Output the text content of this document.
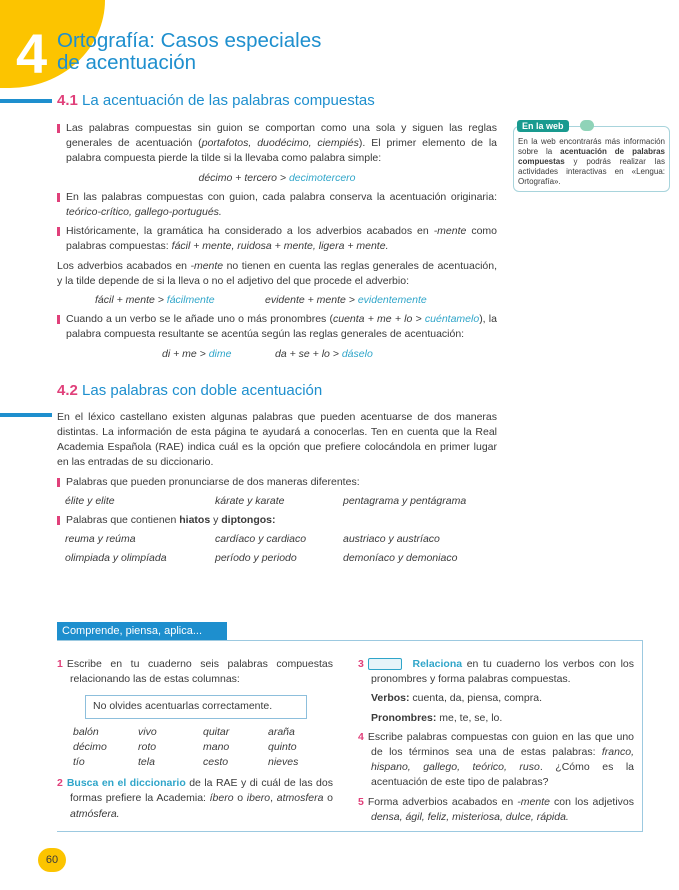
4 Ortografía: Casos especiales
de acentuación
4.1 La acentuación de las palabras compuestas
Las palabras compuestas sin guion se comportan como una sola y siguen las reglas generales de acentuación (portafotos, duodécimo, ciempiés). El primer elemento de la palabra compuesta pierde la tilde si la llevaba como palabra simple:
décimo + tercero > decimotercero
En las palabras compuestas con guion, cada palabra conserva la acentuación originaria: teórico-crítico, gallego-portugués.
Históricamente, la gramática ha considerado a los adverbios acabados en -mente como palabras compuestas: fácil + mente, ruidosa + mente, ligera + mente.
Los adverbios acabados en -mente no tienen en cuenta las reglas generales de acentuación, y la tilde depende de si la lleva o no el adjetivo del que procede el adverbio:
fácil + mente > fácilmente	evidente + mente > evidentemente
Cuando a un verbo se le añade uno o más pronombres (cuenta + me + lo > cuéntamelo), la palabra compuesta resultante se acentúa según las reglas generales de acentuación:
di + me > dime	da + se + lo > dáselo
4.2 Las palabras con doble acentuación
En el léxico castellano existen algunas palabras que pueden acentuarse de dos maneras distintas. La información de esta página te ayudará a conocerlas. Ten en cuenta que la Real Academia Española (RAE) indica cuál es la opción que prefiere colocándola en primer lugar en las entradas de su diccionario.
Palabras que pueden pronunciarse de dos maneras diferentes:
élite y elite	kárate y karate	pentagrama y pentágrama
Palabras que contienen hiatos y diptongos:
reuma y reúma	cardíaco y cardiaco	austriaco y austríaco
olimpiada y olimpíada	período y periodo	demoníaco y demoniaco
En la web encontrarás más información sobre la acentuación de palabras compuestas y podrás realizar las actividades interactivas en «Lengua: Ortografía».
En la web
Comprende, piensa, aplica...
1 Escribe en tu cuaderno seis palabras compuestas relacionando las de estas columnas:
No olvides acentuarlas correctamente.
balón	vivo	quitar	araña
décimo	roto	mano	quinto
tío	tela	cesto	nieves
2 Busca en el diccionario de la RAE y di cuál de las dos formas prefiere la Academia: íbero o ibero, atmosfera o atmósfera.
3	Relaciona en tu cuaderno los verbos con los pronombres y forma palabras compuestas.
Verbos: cuenta, da, piensa, compra.
Pronombres: me, te, se, lo.
4 Escribe palabras compuestas con guion en las que uno de los términos sea una de estas palabras: franco, hispano, gallego, teórico, ruso. ¿Cómo es la acentuación de este tipo de palabras?
5 Forma adverbios acabados en -mente con los adjetivos densa, ágil, feliz, misteriosa, dulce, rápida.
60
